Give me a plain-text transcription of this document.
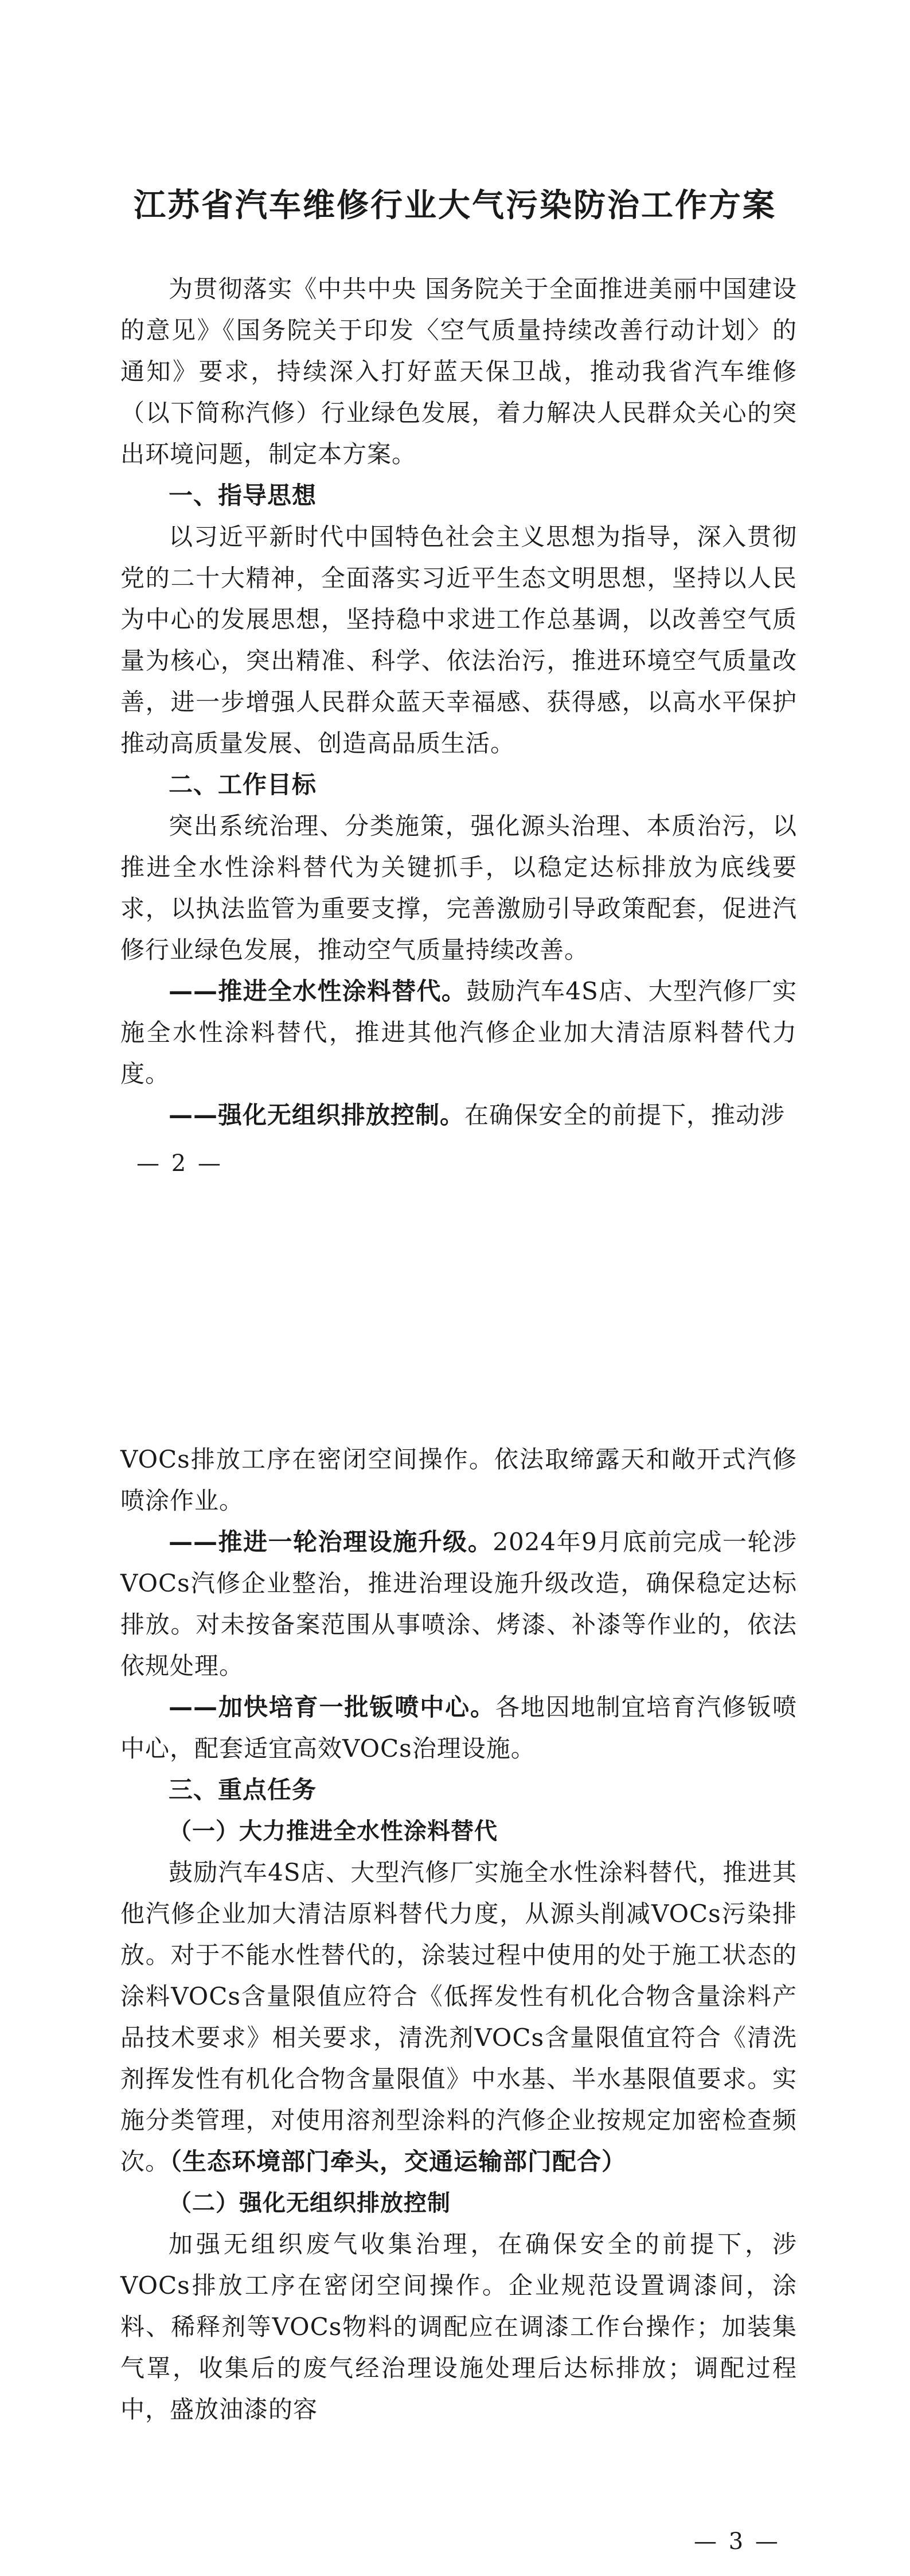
江苏省汽车维修行业大气污染防治工作方案

为贯彻落实《中共中央 国务院关于全面推进美丽中国建设的意见》《国务院关于印发〈空气质量持续改善行动计划〉的通知》要求，持续深入打好蓝天保卫战，推动我省汽车维修（以下简称汽修）行业绿色发展，着力解决人民群众关心的突出环境问题，制定本方案。

一、指导思想

以习近平新时代中国特色社会主义思想为指导，深入贯彻党的二十大精神，全面落实习近平生态文明思想，坚持以人民为中心的发展思想，坚持稳中求进工作总基调，以改善空气质量为核心，突出精准、科学、依法治污，推进环境空气质量改善，进一步增强人民群众蓝天幸福感、获得感，以高水平保护推动高质量发展、创造高品质生活。

二、工作目标

突出系统治理、分类施策，强化源头治理、本质治污，以推进全水性涂料替代为关键抓手，以稳定达标排放为底线要求，以执法监管为重要支撑，完善激励引导政策配套，促进汽修行业绿色发展，推动空气质量持续改善。

——推进全水性涂料替代。鼓励汽车4S店、大型汽修厂实施全水性涂料替代，推进其他汽修企业加大清洁原料替代力度。

——强化无组织排放控制。在确保安全的前提下，推动涉

— 2 —

VOCs排放工序在密闭空间操作。依法取缔露天和敞开式汽修喷涂作业。

——推进一轮治理设施升级。2024年9月底前完成一轮涉VOCs汽修企业整治，推进治理设施升级改造，确保稳定达标排放。对未按备案范围从事喷涂、烤漆、补漆等作业的，依法依规处理。

——加快培育一批钣喷中心。各地因地制宜培育汽修钣喷中心，配套适宜高效VOCs治理设施。

三、重点任务

（一）大力推进全水性涂料替代

鼓励汽车4S店、大型汽修厂实施全水性涂料替代，推进其他汽修企业加大清洁原料替代力度，从源头削减VOCs污染排放。对于不能水性替代的，涂装过程中使用的处于施工状态的涂料VOCs含量限值应符合《低挥发性有机化合物含量涂料产品技术要求》相关要求，清洗剂VOCs含量限值宜符合《清洗剂挥发性有机化合物含量限值》中水基、半水基限值要求。实施分类管理，对使用溶剂型涂料的汽修企业按规定加密检查频次。（生态环境部门牵头，交通运输部门配合）

（二）强化无组织排放控制

加强无组织废气收集治理，在确保安全的前提下，涉VOCs排放工序在密闭空间操作。企业规范设置调漆间，涂料、稀释剂等VOCs物料的调配应在调漆工作台操作；加装集气罩，收集后的废气经治理设施处理后达标排放；调配过程中，盛放油漆的容

— 3 —
